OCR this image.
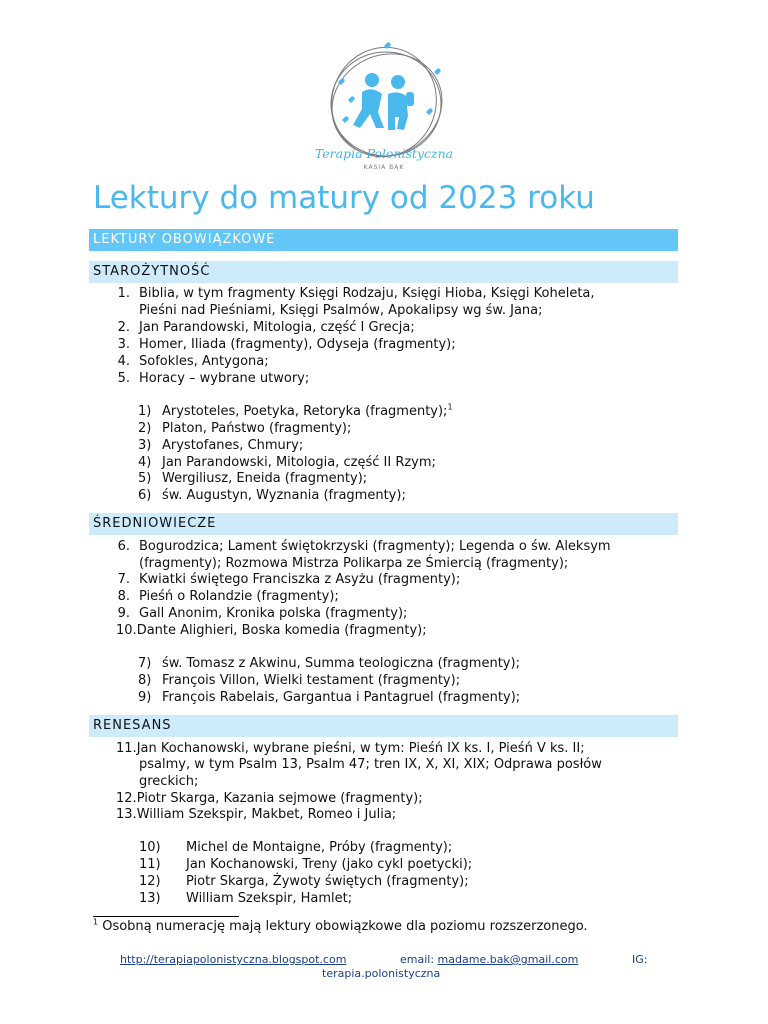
Terapia Polonistyczna
KASIA BĄK
Lektury do matury od 2023 roku
LEKTURY OBOWIĄZKOWE
STAROŻYTNOŚĆ
1. Biblia, w tym fragmenty Księgi Rodzaju, Księgi Hioba, Księgi Koheleta,
Pieśni nad Pieśniami, Księgi Psalmów, Apokalipsy wg św. Jana;
2. Jan Parandowski, Mitologia, część I Grecja;
3. Homer, Iliada (fragmenty), Odyseja (fragmenty);
4. Sofokles, Antygona;
5. Horacy – wybrane utwory;
1) Arystoteles, Poetyka, Retoryka (fragmenty);$^1$
2) Platon, Państwo (fragmenty);
3) Arystofanes, Chmury;
4) Jan Parandowski, Mitologia, część II Rzym;
5) Wergiliusz, Eneida (fragmenty);
6) św. Augustyn, Wyznania (fragmenty);
ŚREDNIOWIECZE
6. Bogurodzica; Lament świętokrzyski (fragmenty); Legenda o św. Aleksym
(fragmenty); Rozmowa Mistrza Polikarpa ze Śmiercią (fragmenty);
7. Kwiatki świętego Franciszka z Asyżu (fragmenty);
8. Pieśń o Rolandzie (fragmenty);
9. Gall Anonim, Kronika polska (fragmenty);
10.Dante Alighieri, Boska komedia (fragmenty);
7) św. Tomasz z Akwinu, Summa teologiczna (fragmenty);
8) François Villon, Wielki testament (fragmenty);
9) François Rabelais, Gargantua i Pantagruel (fragmenty);
RENESANS
11.Jan Kochanowski, wybrane pieśni, w tym: Pieśń IX ks. I, Pieśń V ks. II;
psalmy, w tym Psalm 13, Psalm 47; tren IX, X, XI, XIX; Odprawa posłów
greckich;
12.Piotr Skarga, Kazania sejmowe (fragmenty);
13.William Szekspir, Makbet, Romeo i Julia;
10) Michel de Montaigne, Próby (fragmenty);
11) Jan Kochanowski, Treny (jako cykl poetycki);
12) Piotr Skarga, Żywoty świętych (fragmenty);
13) William Szekspir, Hamlet;
$^1$ Osobną numerację mają lektury obowiązkowe dla poziomu rozszerzonego.
http://terapiapolonistyczna.blogspot.com	email: madame.bak@gmail.com	IG:
terapia.polonistyczna
